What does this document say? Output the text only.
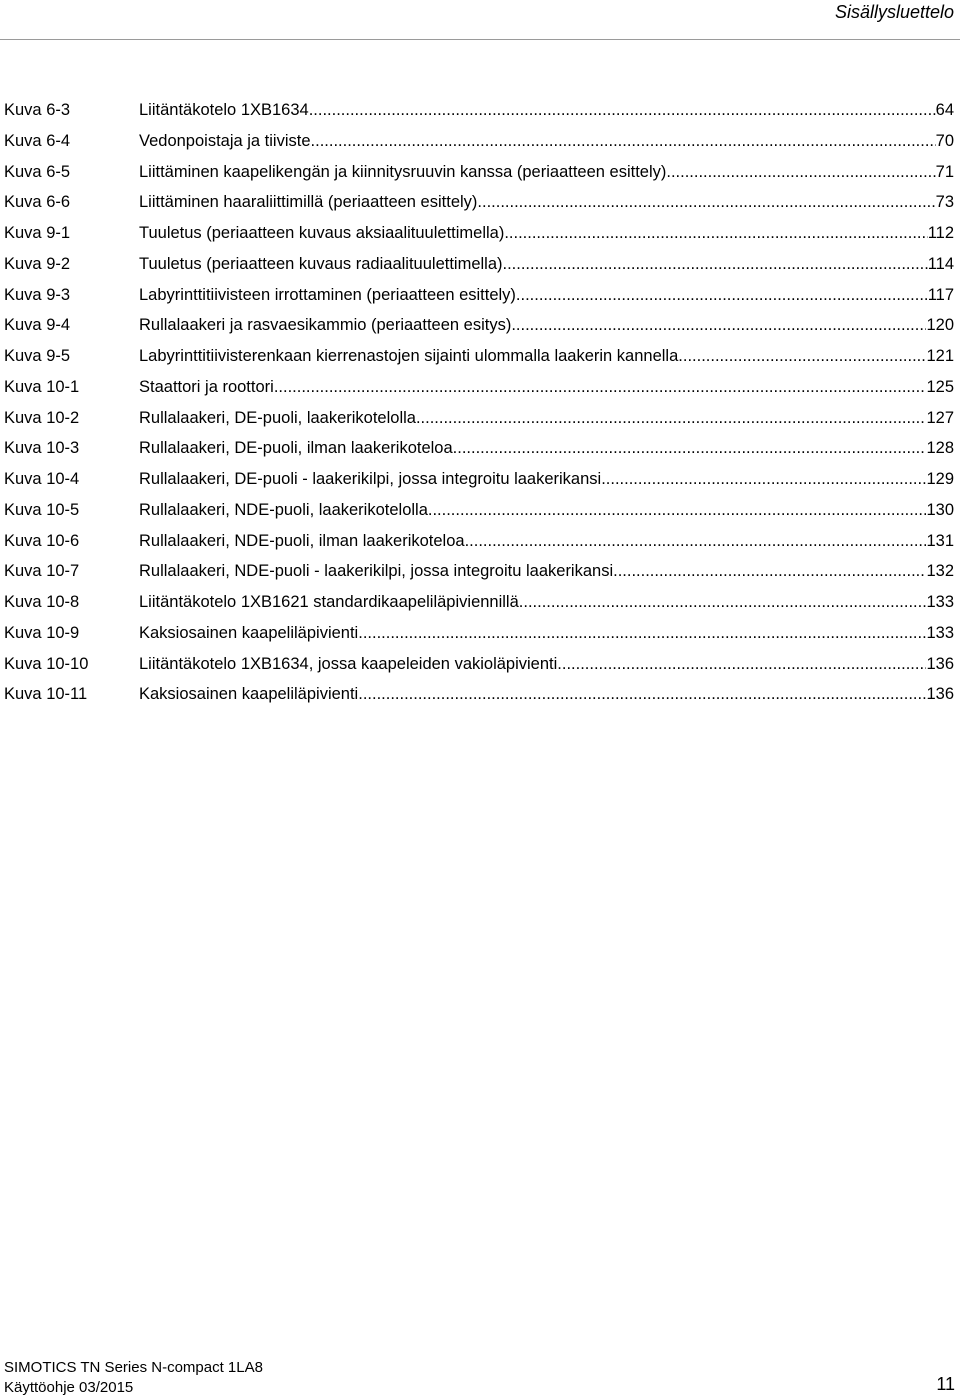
Sisällysluettelo
Kuva 6-3	Liitäntäkotelo 1XB1634 .....	64
Kuva 6-4	Vedonpoistaja ja tiiviste .....	70
Kuva 6-5	Liittäminen kaapelikengän ja kiinnitysruuvin kanssa (periaatteen esittely) .....	71
Kuva 6-6	Liittäminen haaraliittimillä (periaatteen esittely) .....	73
Kuva 9-1	Tuuletus (periaatteen kuvaus aksiaalituulettimella) .....	112
Kuva 9-2	Tuuletus (periaatteen kuvaus radiaalituulettimella) .....	114
Kuva 9-3	Labyrinttitiivisteen irrottaminen (periaatteen esittely) .....	117
Kuva 9-4	Rullalaakeri ja rasvaesikammio (periaatteen esitys) .....	120
Kuva 9-5	Labyrinttitiivisterenkaan kierrenastojen sijainti ulommalla laakerin kannella .....	121
Kuva 10-1	Staattori ja roottori .....	125
Kuva 10-2	Rullalaakeri, DE-puoli, laakerikotelolla .....	127
Kuva 10-3	Rullalaakeri, DE-puoli, ilman laakerikoteloa .....	128
Kuva 10-4	Rullalaakeri, DE-puoli - laakerikilpi, jossa integroitu laakerikansi .....	129
Kuva 10-5	Rullalaakeri, NDE-puoli, laakerikotelolla .....	130
Kuva 10-6	Rullalaakeri, NDE-puoli, ilman laakerikoteloa .....	131
Kuva 10-7	Rullalaakeri, NDE-puoli - laakerikilpi, jossa integroitu laakerikansi .....	132
Kuva 10-8	Liitäntäkotelo 1XB1621 standardikaapeliläpiviennillä .....	133
Kuva 10-9	Kaksiosainen kaapeliläpivienti .....	133
Kuva 10-10	Liitäntäkotelo 1XB1634, jossa kaapeleiden vakioläpivienti .....	136
Kuva 10-11	Kaksiosainen kaapeliläpivienti .....	136
SIMOTICS TN Series N-compact 1LA8
Käyttöohje 03/2015	11
